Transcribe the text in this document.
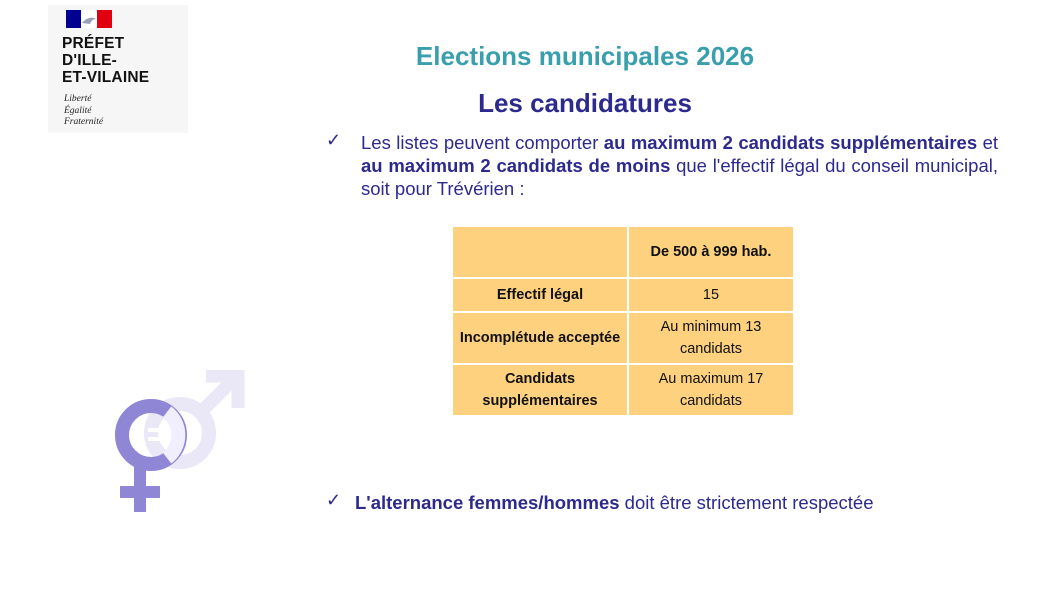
PRÉFET
D'ILLE-
ET-VILAINE
Liberté
Égalité
Fraternité
Elections municipales 2026
Les candidatures
✓ Les listes peuvent comporter au maximum 2 candidats supplémentaires et au maximum 2 candidats de moins que l'effectif légal du conseil municipal, soit pour Trévérien :
	De 500 à 999 hab.
Effectif légal	15
Incomplétude acceptée	Au minimum 13 candidats
Candidats supplémentaires	Au maximum 17 candidats
✓ L'alternance femmes/hommes doit être strictement respectée
